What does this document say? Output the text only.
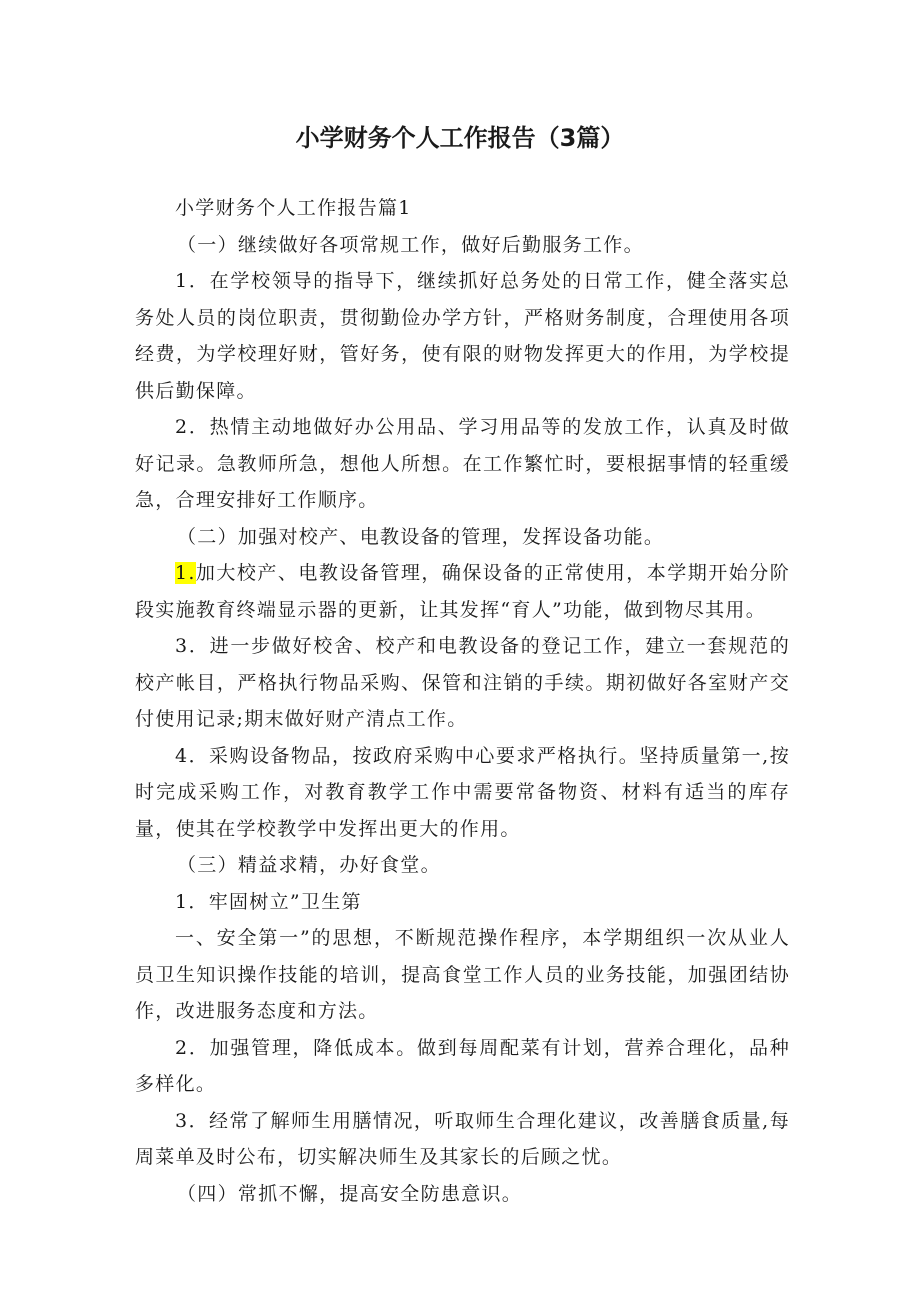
小学财务个人工作报告（3篇）

小学财务个人工作报告篇1

（一）继续做好各项常规工作，做好后勤服务工作。

1．在学校领导的指导下，继续抓好总务处的日常工作，健全落实总务处人员的岗位职责，贯彻勤俭办学方针，严格财务制度，合理使用各项经费，为学校理好财，管好务，使有限的财物发挥更大的作用，为学校提供后勤保障。

2．热情主动地做好办公用品、学习用品等的发放工作，认真及时做好记录。急教师所急，想他人所想。在工作繁忙时，要根据事情的轻重缓急，合理安排好工作顺序。

（二）加强对校产、电教设备的管理，发挥设备功能。

1.加大校产、电教设备管理，确保设备的正常使用，本学期开始分阶段实施教育终端显示器的更新，让其发挥“育人”功能，做到物尽其用。

3．进一步做好校舍、校产和电教设备的登记工作，建立一套规范的校产帐目，严格执行物品采购、保管和注销的手续。期初做好各室财产交付使用记录;期末做好财产清点工作。

4．采购设备物品，按政府采购中心要求严格执行。坚持质量第一,按时完成采购工作，对教育教学工作中需要常备物资、材料有适当的库存量，使其在学校教学中发挥出更大的作用。

（三）精益求精，办好食堂。

1．牢固树立”卫生第

一、安全第一”的思想，不断规范操作程序，本学期组织一次从业人员卫生知识操作技能的培训，提高食堂工作人员的业务技能，加强团结协作，改进服务态度和方法。

2．加强管理，降低成本。做到每周配菜有计划，营养合理化，品种多样化。

3．经常了解师生用膳情况，听取师生合理化建议，改善膳食质量,每周菜单及时公布，切实解决师生及其家长的后顾之忧。

（四）常抓不懈，提高安全防患意识。
